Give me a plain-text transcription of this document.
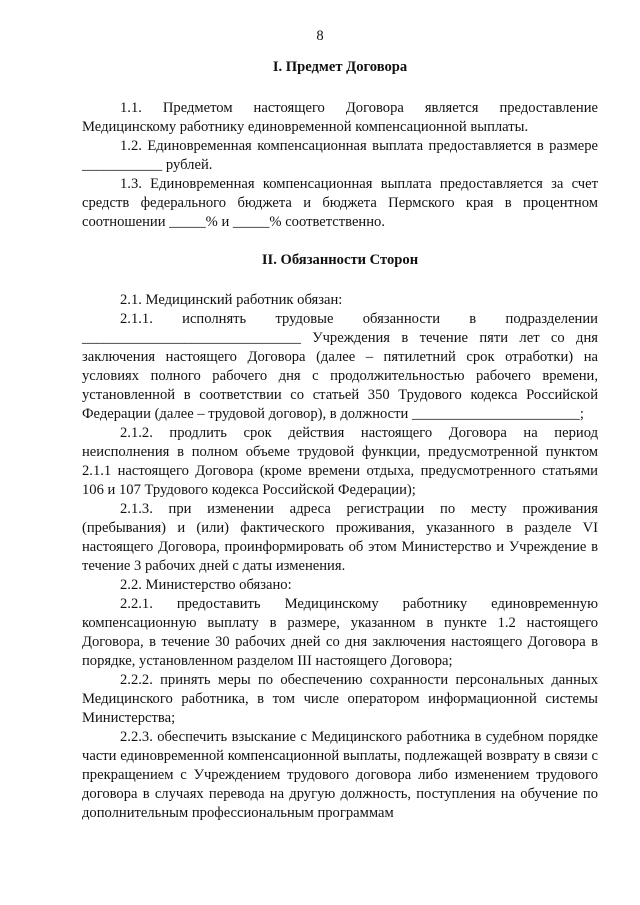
8
I. Предмет Договора

1.1. Предметом настоящего Договора является предоставление Медицинскому работнику единовременной компенсационной выплаты.

1.2. Единовременная компенсационная выплата предоставляется в размере ___________ рублей.

1.3. Единовременная компенсационная выплата предоставляется за счет средств федерального бюджета и бюджета Пермского края в процентном соотношении _____% и _____% соответственно.

II. Обязанности Сторон

2.1. Медицинский работник обязан:

2.1.1. исполнять трудовые обязанности в подразделении ______________________________ Учреждения в течение пяти лет со дня заключения настоящего Договора (далее – пятилетний срок отработки) на условиях полного рабочего дня с продолжительностью рабочего времени, установленной в соответствии со статьей 350 Трудового кодекса Российской Федерации (далее – трудовой договор), в должности _______________________;

2.1.2. продлить срок действия настоящего Договора на период неисполнения в полном объеме трудовой функции, предусмотренной пунктом 2.1.1 настоящего Договора (кроме времени отдыха, предусмотренного статьями 106 и 107 Трудового кодекса Российской Федерации);

2.1.3. при изменении адреса регистрации по месту проживания (пребывания) и (или) фактического проживания, указанного в разделе VI настоящего Договора, проинформировать об этом Министерство и Учреждение в течение 3 рабочих дней с даты изменения.

2.2. Министерство обязано:

2.2.1. предоставить Медицинскому работнику единовременную компенсационную выплату в размере, указанном в пункте 1.2 настоящего Договора, в течение 30 рабочих дней со дня заключения настоящего Договора в порядке, установленном разделом III настоящего Договора;

2.2.2. принять меры по обеспечению сохранности персональных данных Медицинского работника, в том числе оператором информационной системы Министерства;

2.2.3. обеспечить взыскание с Медицинского работника в судебном порядке части единовременной компенсационной выплаты, подлежащей возврату в связи с прекращением с Учреждением трудового договора либо изменением трудового договора в случаях перевода на другую должность, поступления на обучение по дополнительным профессиональным программам
